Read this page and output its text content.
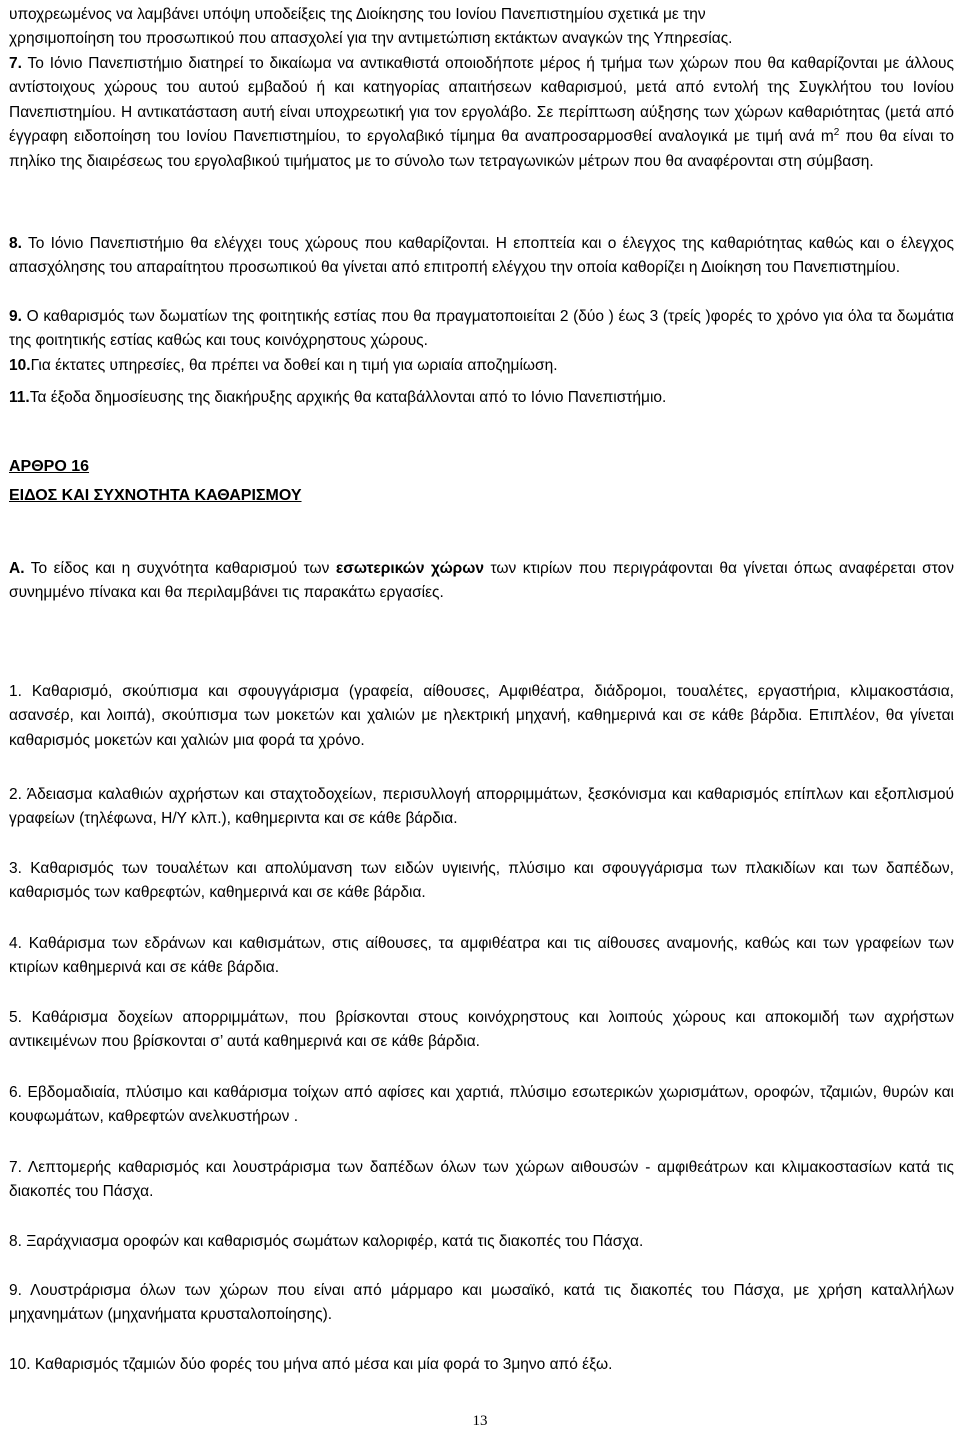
υποχρεωμένος να λαμβάνει υπόψη υποδείξεις της Διοίκησης του Ιονίου Πανεπιστημίου σχετικά με την
χρησιμοποίηση του προσωπικού που απασχολεί για την αντιμετώπιση εκτάκτων αναγκών της Υπηρεσίας.

7. Το Ιόνιο Πανεπιστήμιο διατηρεί το δικαίωμα να αντικαθιστά οποιοδήποτε μέρος ή τμήμα των χώρων που θα καθαρίζονται με άλλους αντίστοιχους χώρους του αυτού εμβαδού ή και κατηγορίας απαιτήσεων καθαρισμού, μετά από εντολή της Συγκλήτου του Ιονίου Πανεπιστημίου. Η αντικατάσταση αυτή είναι υποχρεωτική για τον εργολάβο. Σε περίπτωση αύξησης των χώρων καθαριότητας (μετά από έγγραφη ειδοποίηση του Ιονίου Πανεπιστημίου, το εργολαβικό τίμημα θα αναπροσαρμοσθεί αναλογικά με τιμή ανά $m^2$ που θα είναι το πηλίκο της διαιρέσεως του εργολαβικού τιμήματος με το σύνολο των τετραγωνικών μέτρων που θα αναφέρονται στη σύμβαση.

8. Το Ιόνιο Πανεπιστήμιο θα ελέγχει τους χώρους που καθαρίζονται. Η εποπτεία και ο έλεγχος της καθαριότητας καθώς και ο έλεγχος απασχόλησης του απαραίτητου προσωπικού θα γίνεται από επιτροπή ελέγχου την οποία καθορίζει η Διοίκηση του Πανεπιστημίου.

9. Ο καθαρισμός των δωματίων της φοιτητικής εστίας που θα πραγματοποιείται 2 (δύο ) έως 3 (τρείς )φορές το χρόνο για όλα τα δωμάτια της φοιτητικής εστίας καθώς και τους κοινόχρηστους χώρους.

10.Για έκτατες υπηρεσίες, θα πρέπει να δοθεί και η τιμή για ωριαία αποζημίωση.

11.Τα έξοδα δημοσίευσης της διακήρυξης αρχικής θα καταβάλλονται από το Ιόνιο Πανεπιστήμιο.

ΑΡΘΡΟ 16

ΕΙΔΟΣ ΚΑΙ ΣΥΧΝΟΤΗΤΑ ΚΑΘΑΡΙΣΜΟΥ

Α. Το είδος και η συχνότητα καθαρισμού των εσωτερικών χώρων των κτιρίων που περιγράφονται θα γίνεται όπως αναφέρεται στον συνημμένο πίνακα και θα περιλαμβάνει τις παρακάτω εργασίες.

1. Καθαρισμό, σκούπισμα και σφουγγάρισμα (γραφεία, αίθουσες, Αμφιθέατρα, διάδρομοι, τουαλέτες, εργαστήρια, κλιμακοστάσια, ασανσέρ, και λοιπά), σκούπισμα των μοκετών και χαλιών με ηλεκτρική μηχανή, καθημερινά και σε κάθε βάρδια. Επιπλέον, θα γίνεται καθαρισμός μοκετών και χαλιών μια φορά τα χρόνο.

2. Άδειασμα καλαθιών αχρήστων και σταχτοδοχείων, περισυλλογή απορριμμάτων, ξεσκόνισμα και καθαρισμός επίπλων και εξοπλισμού γραφείων (τηλέφωνα, Η/Υ κλπ.), καθημεριντα και σε κάθε βάρδια.

3. Καθαρισμός των τουαλέτων και απολύμανση των ειδών υγιεινής, πλύσιμο και σφουγγάρισμα των πλακιδίων και των δαπέδων, καθαρισμός των καθρεφτών, καθημερινά και σε κάθε βάρδια.

4. Καθάρισμα των εδράνων και καθισμάτων, στις αίθουσες, τα αμφιθέατρα και τις αίθουσες αναμονής, καθώς και των γραφείων των κτιρίων καθημερινά και σε κάθε βάρδια.

5. Καθάρισμα δοχείων απορριμμάτων, που βρίσκονται στους κοινόχρηστους και λοιπούς χώρους και αποκομιδή των αχρήστων αντικειμένων που βρίσκονται σ’ αυτά καθημερινά και σε κάθε βάρδια.

6. Εβδομαδιαία, πλύσιμο και καθάρισμα τοίχων από αφίσες και χαρτιά, πλύσιμο εσωτερικών χωρισμάτων, οροφών, τζαμιών, θυρών και κουφωμάτων, καθρεφτών ανελκυστήρων .

7. Λεπτομερής καθαρισμός και λουστράρισμα των δαπέδων όλων των χώρων αιθουσών - αμφιθεάτρων και κλιμακοστασίων κατά τις διακοπές του Πάσχα.

8. Ξαράχνιασμα οροφών και καθαρισμός σωμάτων καλοριφέρ, κατά τις διακοπές του Πάσχα.

9. Λουστράρισμα όλων των χώρων που είναι από μάρμαρο και μωσαϊκό, κατά τις διακοπές του Πάσχα, με χρήση καταλλήλων μηχανημάτων (μηχανήματα κρυσταλοποίησης).

10. Καθαρισμός τζαμιών δύο φορές του μήνα από μέσα και μία φορά το 3μηνο από έξω.

13
